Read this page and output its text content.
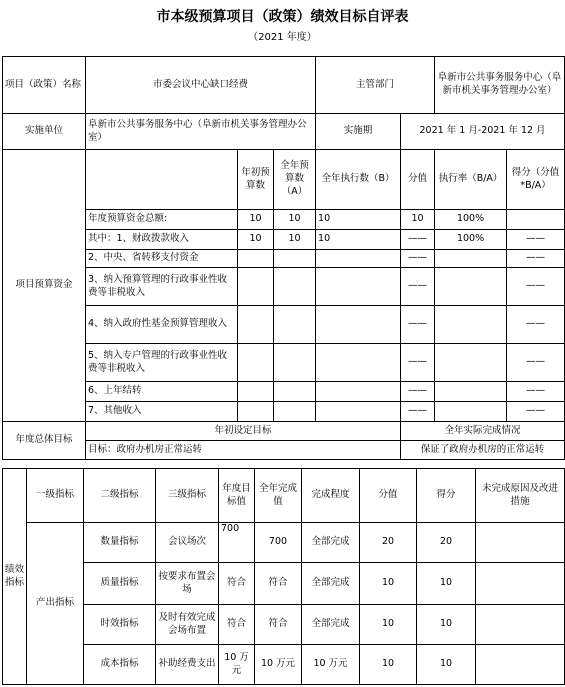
市本级预算项目（政策）绩效目标自评表
（2021 年度）
项目（政策）名称	市委会议中心缺口经费			主管部门		阜新市公共事务服务中心（阜新市机关事务管理办公室）	
实施单位	阜新市公共事务服务中心（阜新市机关事务管理办公室）			实施期	2021 年 1 月-2021 年 12 月		
项目预算资金		年初预算数	全年预算数（A）	全年执行数（B）	分值	执行率（B/A）	得分（分值*B/A）
	年度预算资金总额:	10	10	10	10	100%	
	其中：1、财政拨款收入	10	10	10	——	100%	——
	2、中央、省转移支付资金				——		——
	3、纳入预算管理的行政事业性收费等非税收入				——		——
	4、纳入政府性基金预算管理收入				——		——
	5、纳入专户管理的行政事业性收费等非税收入				——		——
	6、上年结转				——		——
	7、其他收入				——		——
年度总体目标	年初设定目标				全年实际完成情况		
	目标：政府办机房正常运转				保证了政府办机房的正常运转		
绩效指标	一级指标	二级指标	三级指标	年度目标值	全年完成值	完成程度	分值	得分	未完成原因及改进措施
	产出指标	数量指标	会议场次	700	700	全部完成	20	20	
		质量指标	按要求布置会场	符合	符合	全部完成	10	10	
		时效指标	及时有效完成会场布置	符合	符合	全部完成	10	10	
		成本指标	补助经费支出	10 万元	10 万元	10 万元	10	10	
